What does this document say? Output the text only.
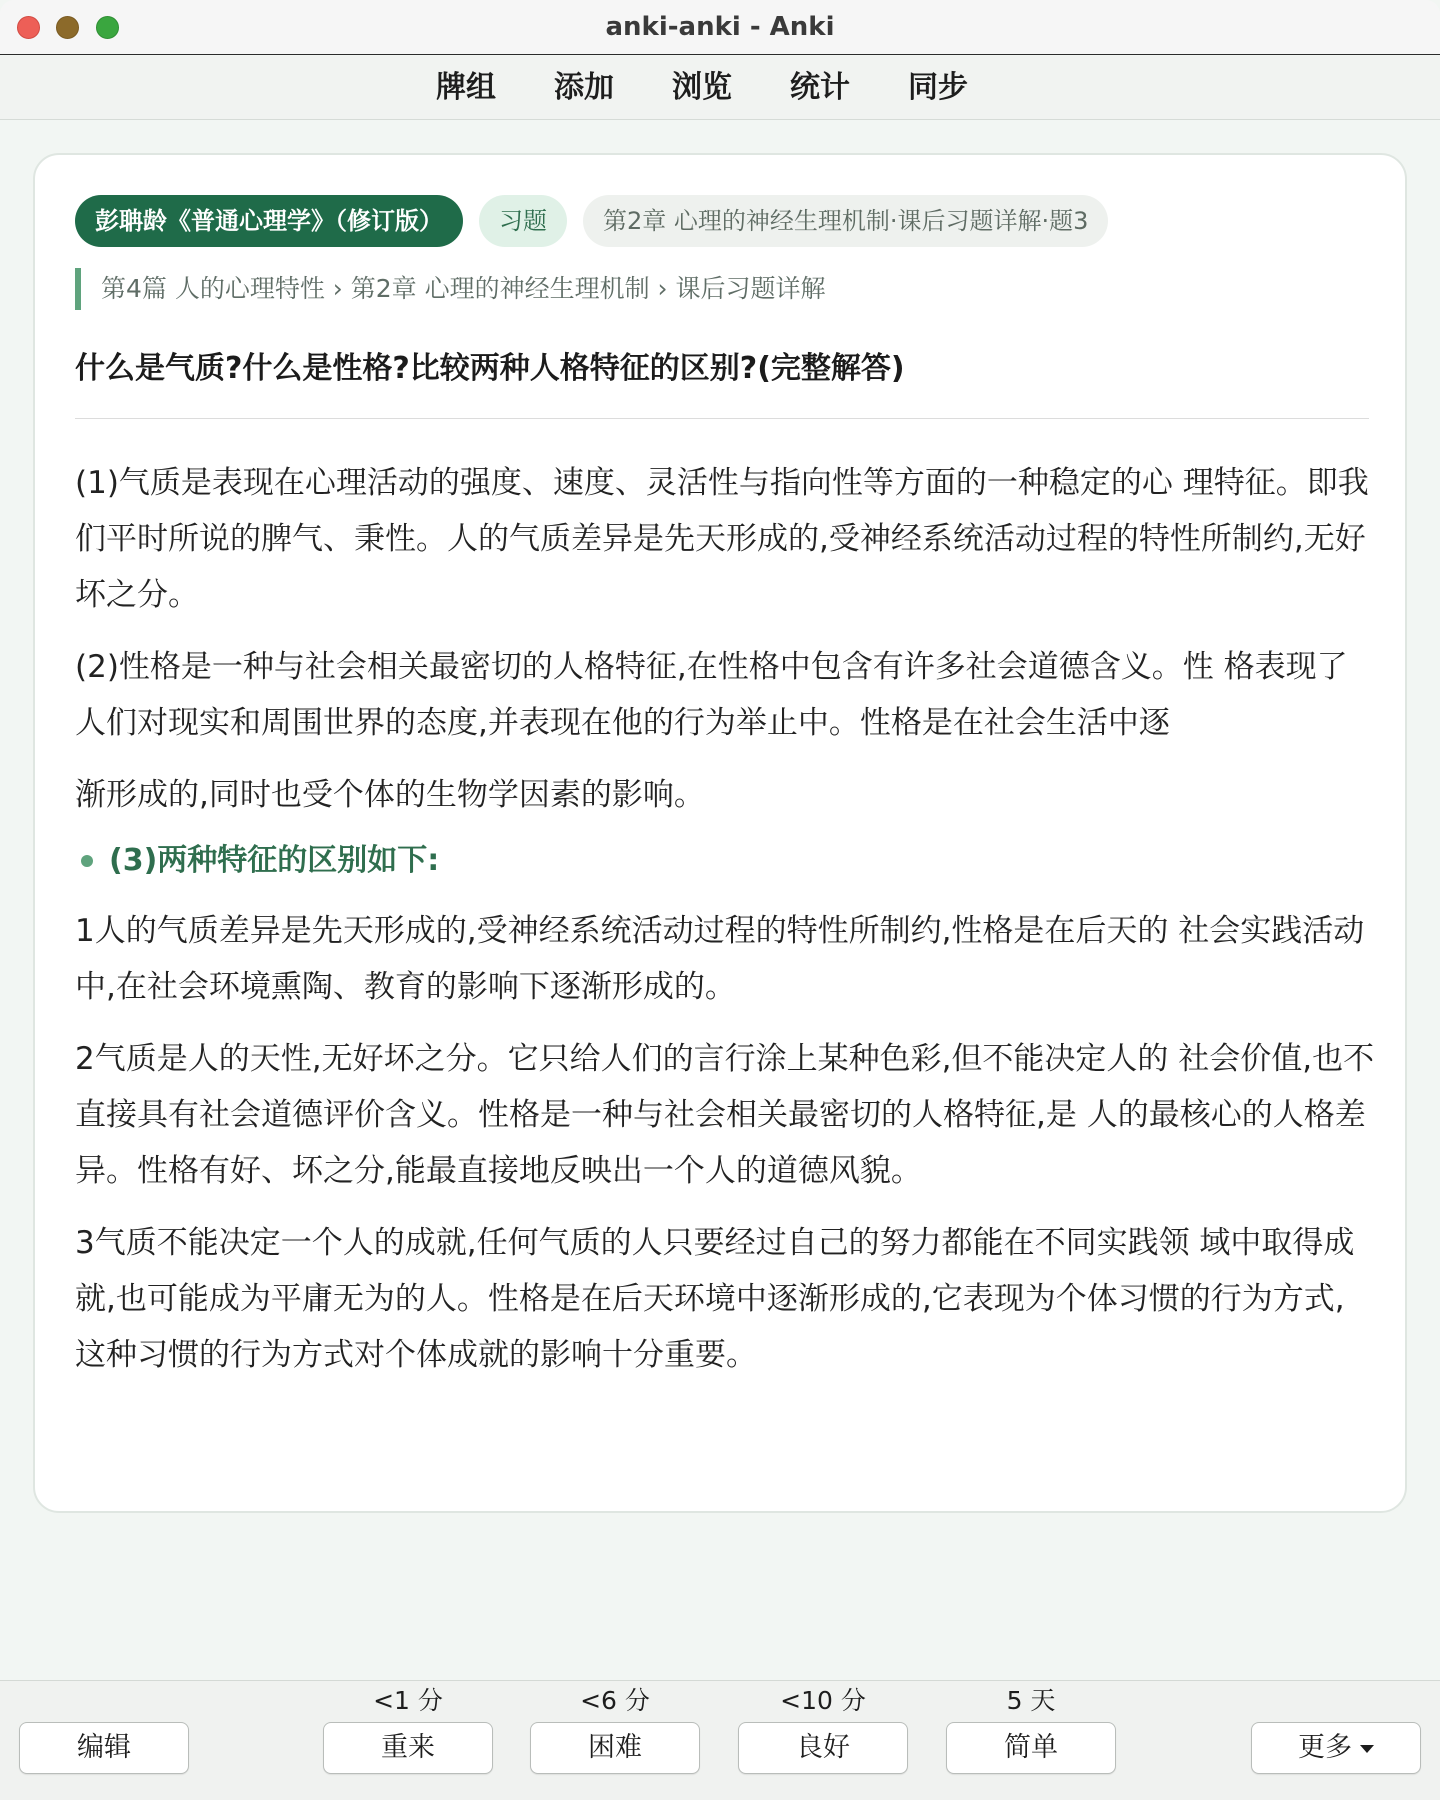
anki-anki - Anki
牌组 添加 浏览 统计 同步
彭聃龄《普通心理学》（修订版）	习题	第2章 心理的神经生理机制·课后习题详解·题3
第4篇 人的心理特性 › 第2章 心理的神经生理机制 › 课后习题详解
什么是气质?什么是性格?比较两种人格特征的区别?(完整解答)

(1)气质是表现在心理活动的强度、速度、灵活性与指向性等方面的一种稳定的心 理特征。即我们平时所说的脾气、秉性。人的气质差异是先天形成的,受神经系统活动过程的特性所制约,无好坏之分。

(2)性格是一种与社会相关最密切的人格特征,在性格中包含有许多社会道德含义。性 格表现了人们对现实和周围世界的态度,并表现在他的行为举止中。性格是在社会生活中逐

渐形成的,同时也受个体的生物学因素的影响。

(3)两种特征的区别如下:

1人的气质差异是先天形成的,受神经系统活动过程的特性所制约,性格是在后天的 社会实践活动中,在社会环境熏陶、教育的影响下逐渐形成的。

2气质是人的天性,无好坏之分。它只给人们的言行涂上某种色彩,但不能决定人的 社会价值,也不直接具有社会道德评价含义。性格是一种与社会相关最密切的人格特征,是 人的最核心的人格差异。性格有好、坏之分,能最直接地反映出一个人的道德风貌。

3气质不能决定一个人的成就,任何气质的人只要经过自己的努力都能在不同实践领 域中取得成就,也可能成为平庸无为的人。性格是在后天环境中逐渐形成的,它表现为个体习惯的行为方式,这种习惯的行为方式对个体成就的影响十分重要。

<1 分	<6 分	<10 分	5 天
编辑	重来	困难	良好	简单	更多
